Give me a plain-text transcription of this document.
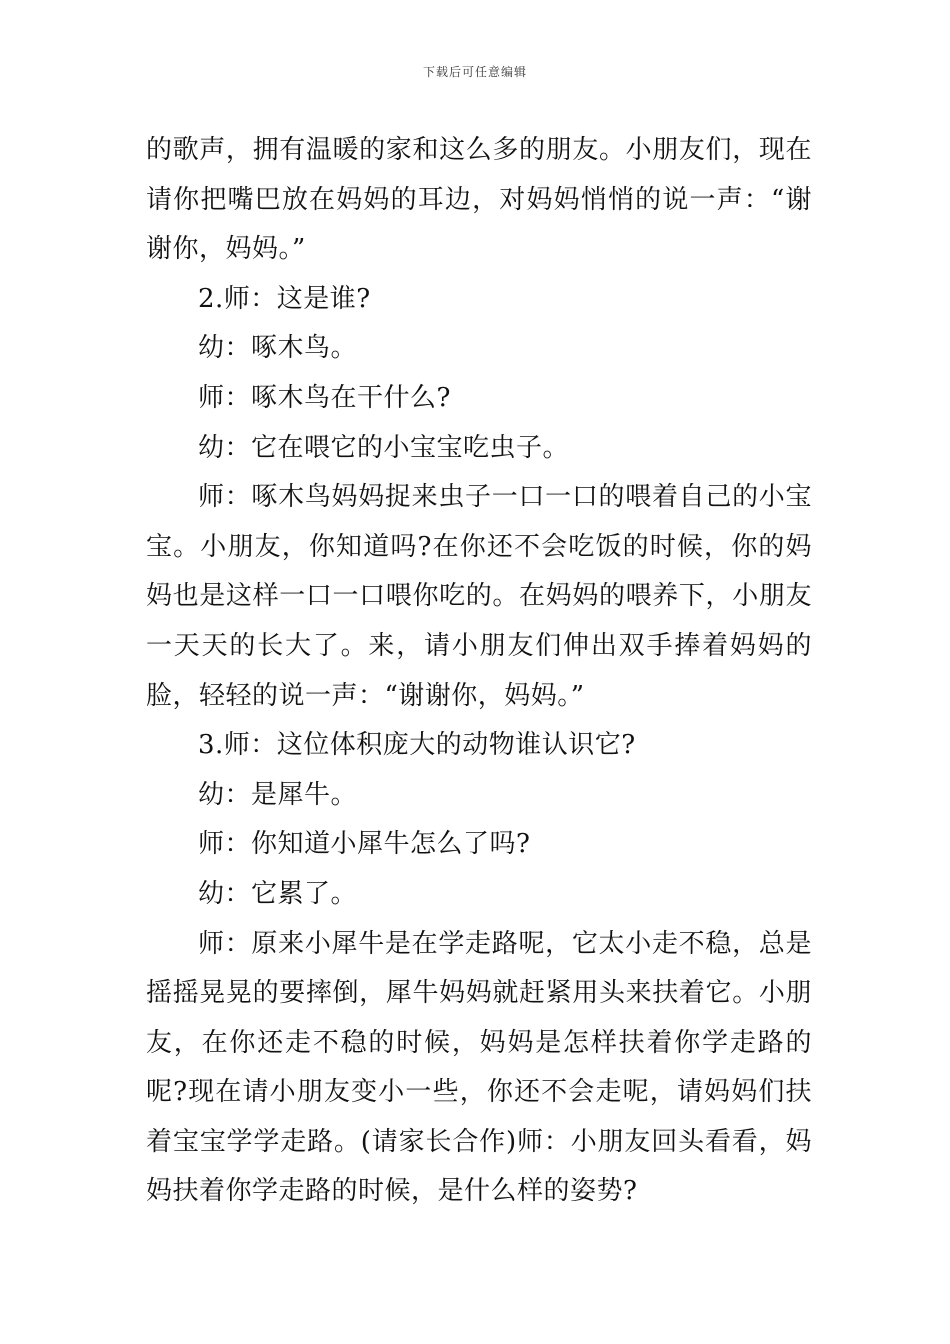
下载后可任意编辑

的歌声，拥有温暖的家和这么多的朋友。小朋友们，现在请你把嘴巴放在妈妈的耳边，对妈妈悄悄的说一声：“谢谢你，妈妈。”

2.师：这是谁?

幼：啄木鸟。

师：啄木鸟在干什么?

幼：它在喂它的小宝宝吃虫子。

师：啄木鸟妈妈捉来虫子一口一口的喂着自己的小宝宝。小朋友，你知道吗?在你还不会吃饭的时候，你的妈妈也是这样一口一口喂你吃的。在妈妈的喂养下，小朋友一天天的长大了。来，请小朋友们伸出双手捧着妈妈的脸，轻轻的说一声：“谢谢你，妈妈。”

3.师：这位体积庞大的动物谁认识它?

幼：是犀牛。

师：你知道小犀牛怎么了吗?

幼：它累了。

师：原来小犀牛是在学走路呢，它太小走不稳，总是摇摇晃晃的要摔倒，犀牛妈妈就赶紧用头来扶着它。小朋友，在你还走不稳的时候，妈妈是怎样扶着你学走路的呢?现在请小朋友变小一些，你还不会走呢，请妈妈们扶着宝宝学学走路。(请家长合作)师：小朋友回头看看，妈妈扶着你学走路的时候，是什么样的姿势?
